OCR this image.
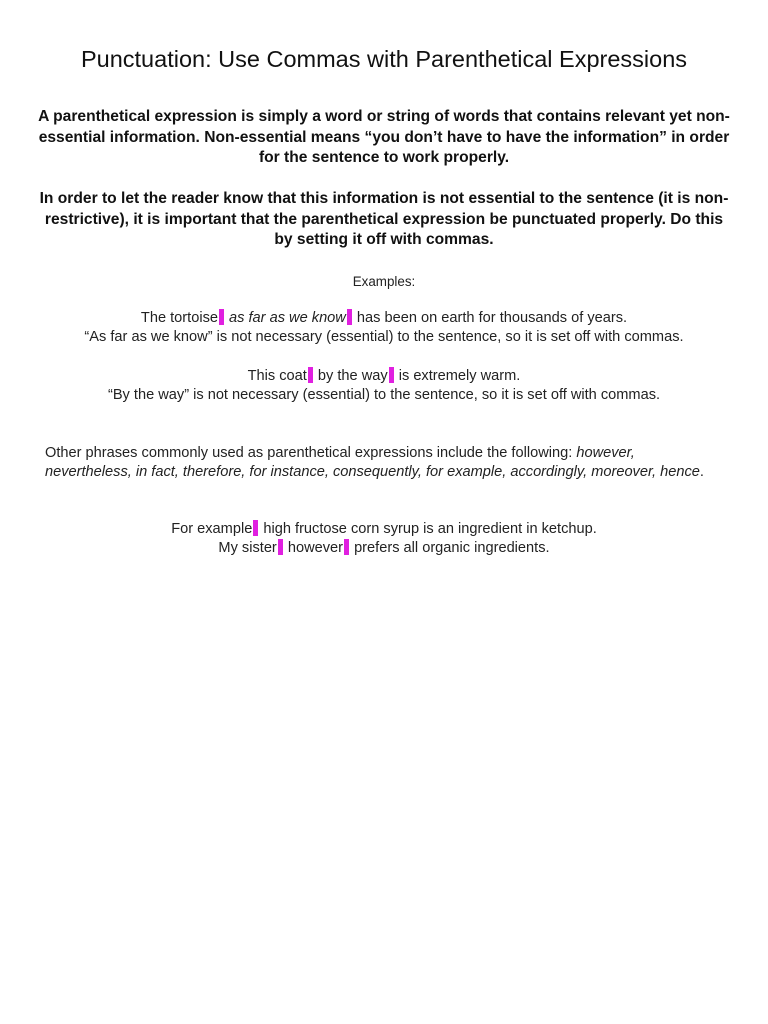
Punctuation: Use Commas with Parenthetical Expressions

A parenthetical expression is simply a word or string of words that contains relevant yet non-essential information. Non-essential means “you don’t have to have the information” in order for the sentence to work properly.

In order to let the reader know that this information is not essential to the sentence (it is non-restrictive), it is important that the parenthetical expression be punctuated properly. Do this by setting it off with commas.

Examples:

The tortoise as far as we know has been on earth for thousands of years.

“As far as we know” is not necessary (essential) to the sentence, so it is set off with commas.

This coat by the way is extremely warm.

“By the way” is not necessary (essential) to the sentence, so it is set off with commas.

Other phrases commonly used as parenthetical expressions include the following: however, nevertheless, in fact, therefore, for instance, consequently, for example, accordingly, moreover, hence.

For example high fructose corn syrup is an ingredient in ketchup.

My sister however prefers all organic ingredients.
